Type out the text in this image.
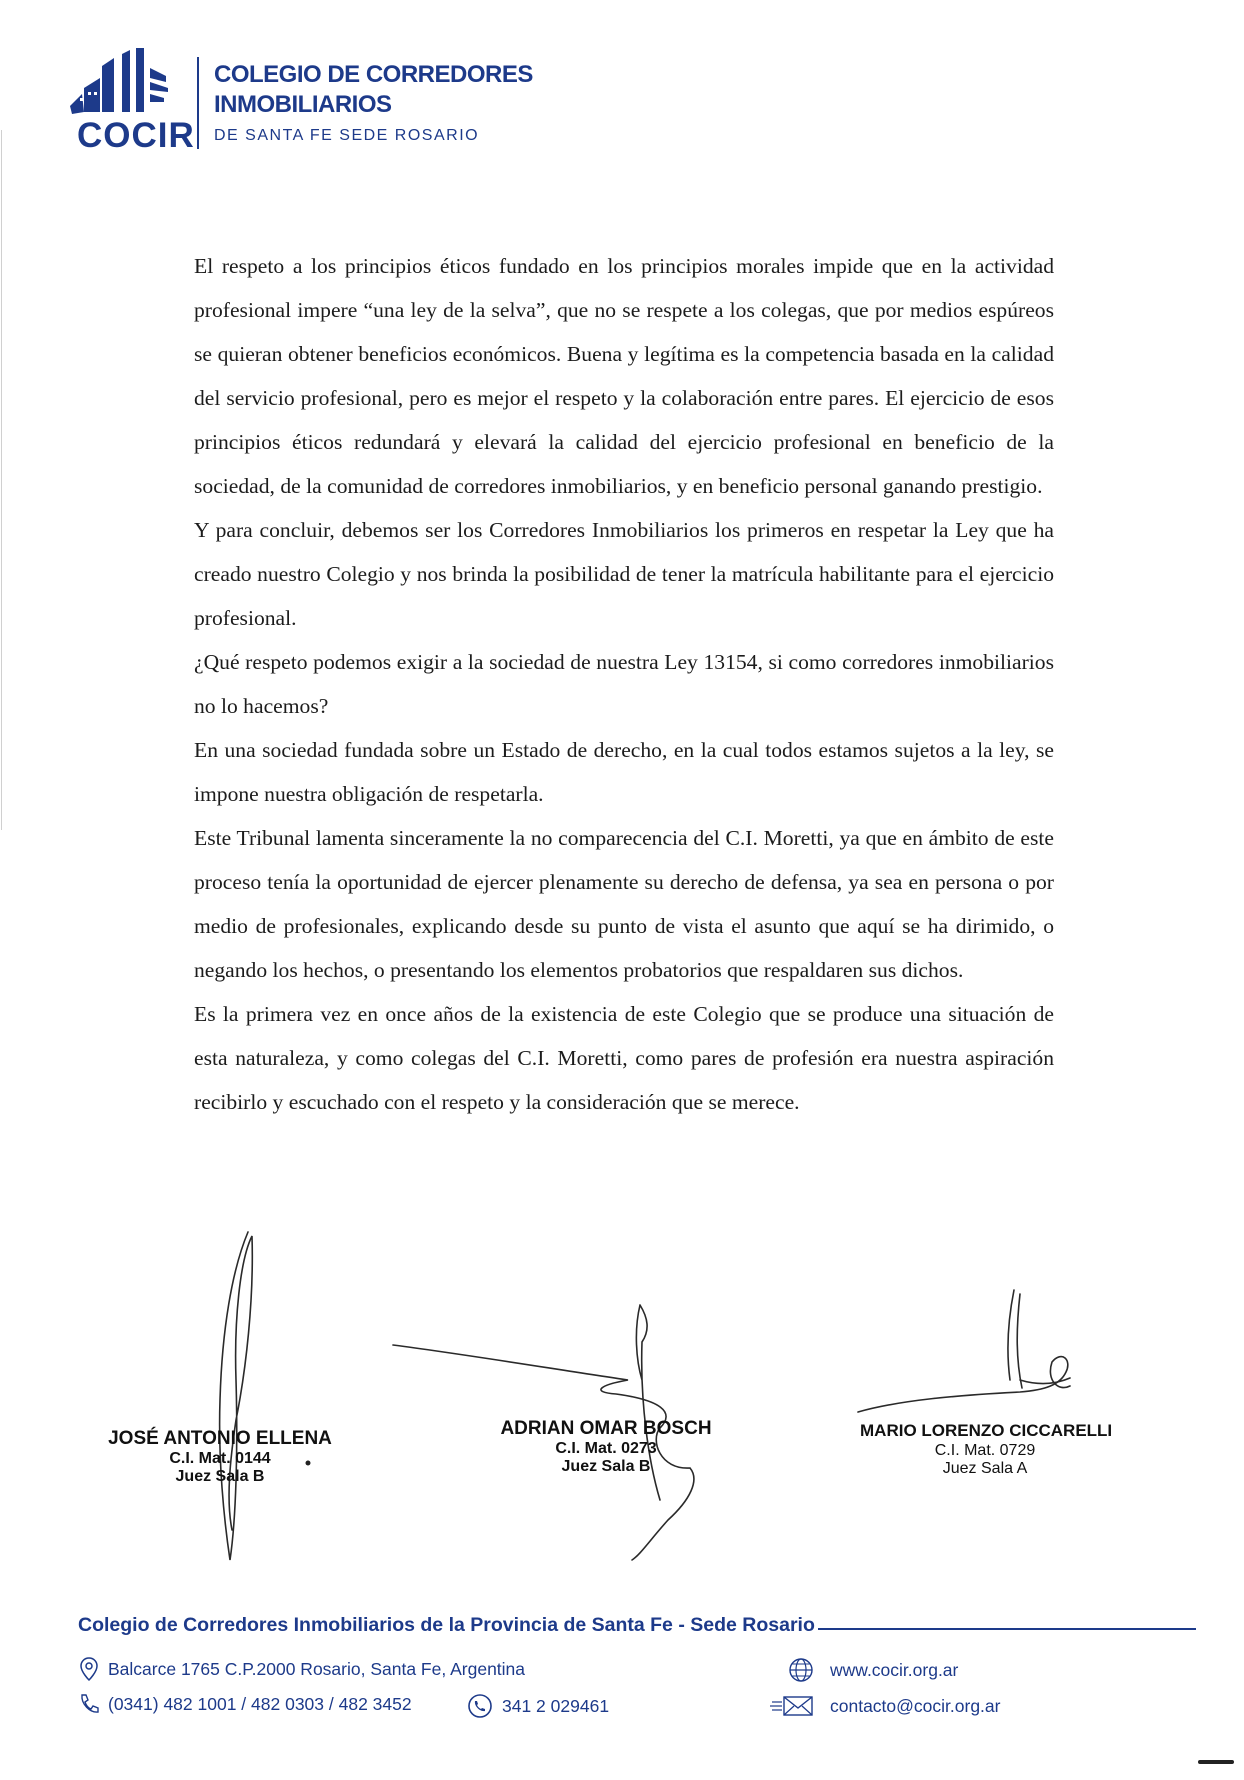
COCIR
COLEGIO DE CORREDORES
INMOBILIARIOS
DE SANTA FE SEDE ROSARIO

El respeto a los principios éticos fundado en los principios morales impide que en la actividad profesional impere “una ley de la selva”, que no se respete a los colegas, que por medios espúreos se quieran obtener beneficios económicos. Buena y legítima es la competencia basada en la calidad del servicio profesional, pero es mejor el respeto y la colaboración entre pares. El ejercicio de esos principios éticos redundará y elevará la calidad del ejercicio profesional en beneficio de la sociedad, de la comunidad de corredores inmobiliarios, y en beneficio personal ganando prestigio.

Y para concluir, debemos ser los Corredores Inmobiliarios los primeros en respetar la Ley que ha creado nuestro Colegio y nos brinda la posibilidad de tener la matrícula habilitante para el ejercicio profesional.

¿Qué respeto podemos exigir a la sociedad de nuestra Ley 13154, si como corredores inmobiliarios no lo hacemos?

En una sociedad fundada sobre un Estado de derecho, en la cual todos estamos sujetos a la ley, se impone nuestra obligación de respetarla.

Este Tribunal lamenta sinceramente la no comparecencia del C.I. Moretti, ya que en ámbito de este proceso tenía la oportunidad de ejercer plenamente su derecho de defensa, ya sea en persona o por medio de profesionales, explicando desde su punto de vista el asunto que aquí se ha dirimido, o negando los hechos, o presentando los elementos probatorios que respaldaren sus dichos.

Es la primera vez en once años de la existencia de este Colegio que se produce una situación de esta naturaleza, y como colegas del C.I. Moretti, como pares de profesión era nuestra aspiración recibirlo y escuchado con el respeto y la consideración que se merece.

JOSÉ ANTONIO ELLENA
C.I. Mat. 0144
Juez Sala B
ADRIAN OMAR BOSCH
C.I. Mat. 0273
Juez Sala B
MARIO LORENZO CICCARELLI
C.I. Mat. 0729
Juez Sala A
Colegio de Corredores Inmobiliarios de la Provincia de Santa Fe - Sede Rosario
Balcarce 1765 C.P.2000 Rosario, Santa Fe, Argentina
(0341) 482 1001 / 482 0303 / 482 3452	341 2 029461
www.cocir.org.ar
contacto@cocir.org.ar
